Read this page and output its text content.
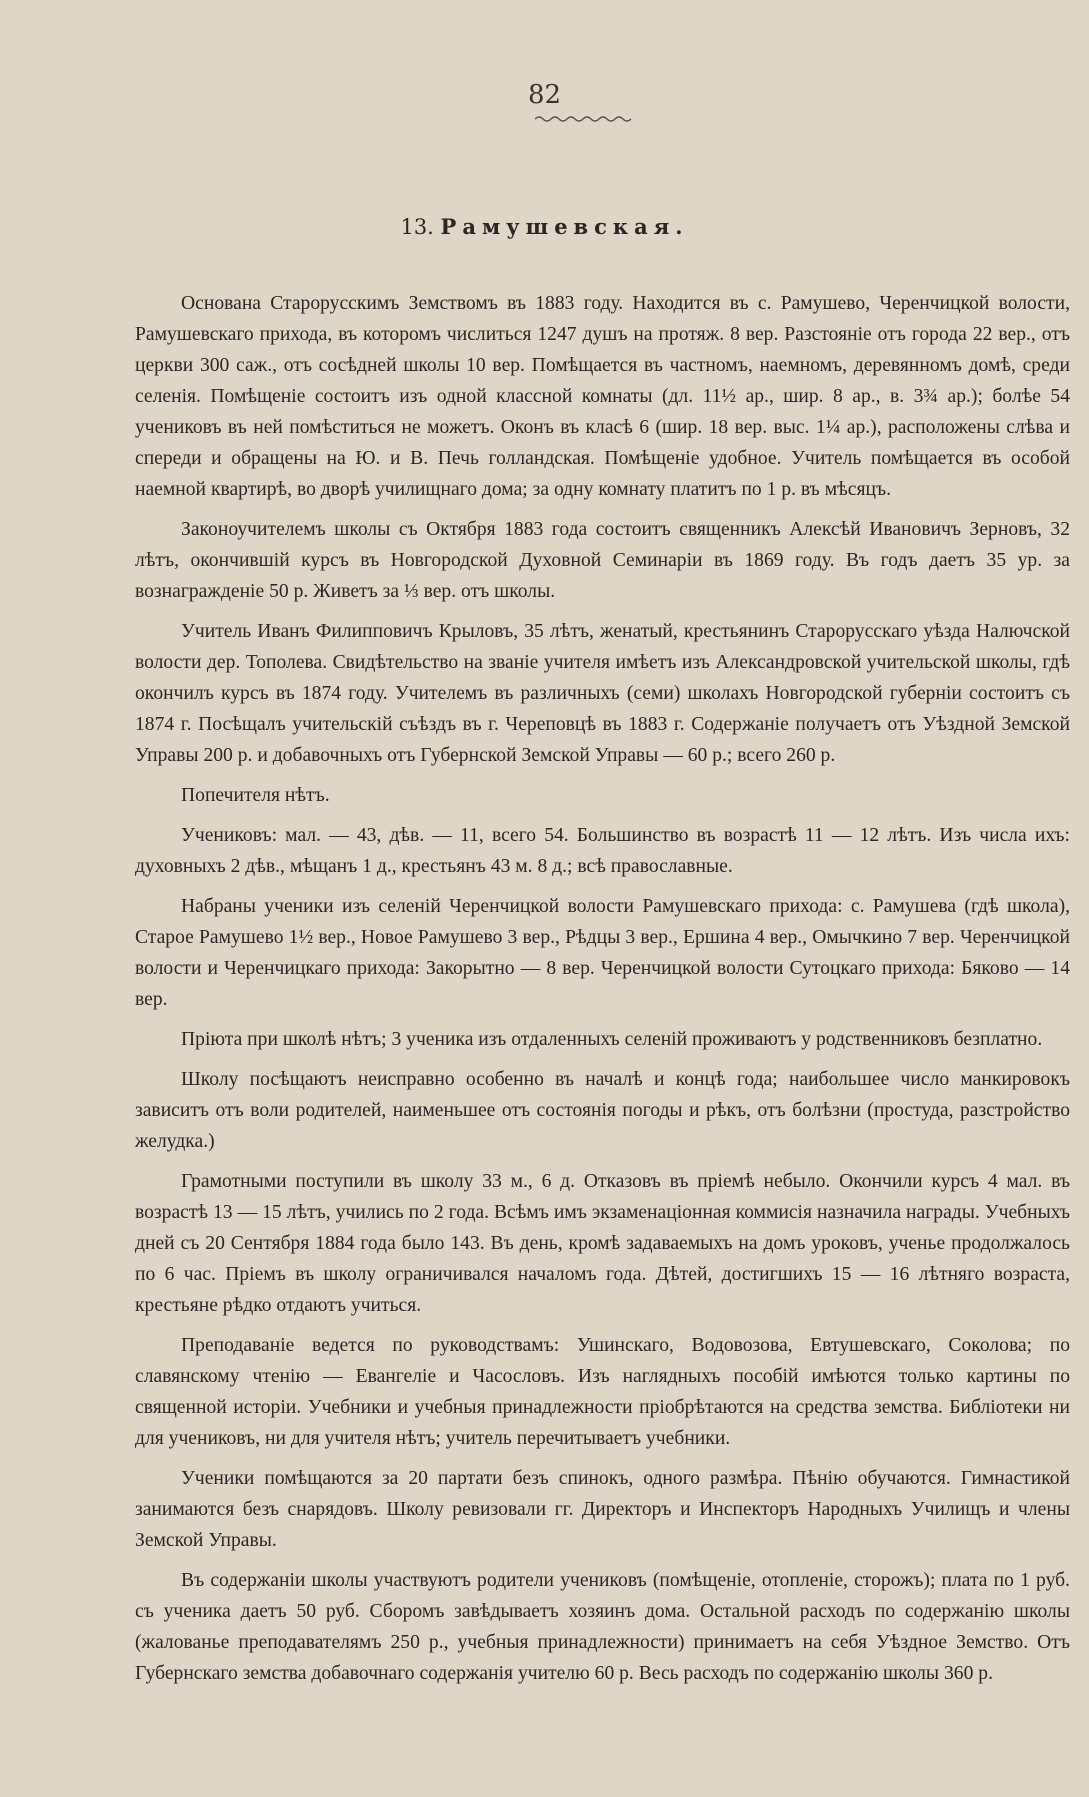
82
13. Рамушевская.

Основана Старорусскимъ Земствомъ въ 1883 году. Находится въ с. Рамушево, Черенчицкой волости, Рамушевскаго прихода, въ которомъ числиться 1247 душъ на протяж. 8 вер. Разстояніе отъ города 22 вер., отъ церкви 300 саж., отъ сосѣдней школы 10 вер. Помѣщается въ частномъ, наемномъ, деревянномъ домѣ, среди селенія. Помѣщеніе состоитъ изъ одной классной комнаты (дл. 11½ ар., шир. 8 ар., в. 3¾ ар.); болѣе 54 учениковъ въ ней помѣститься не можетъ. Оконъ въ класѣ 6 (шир. 18 вер. выс. 1¼ ар.), расположены слѣва и спереди и обращены на Ю. и В. Печь голландская. Помѣщеніе удобное. Учитель помѣщается въ особой наемной квартирѣ, во дворѣ училищнаго дома; за одну комнату платитъ по 1 р. въ мѣсяцъ.

Законоучителемъ школы съ Октября 1883 года состоитъ священникъ Алексѣй Ивановичъ Зерновъ, 32 лѣтъ, окончившій курсъ въ Новгородской Духовной Семинаріи въ 1869 году. Въ годъ даетъ 35 ур. за вознагражденіе 50 р. Живетъ за ⅓ вер. отъ школы.

Учитель Иванъ Филипповичъ Крыловъ, 35 лѣтъ, женатый, крестьянинъ Старорусскаго уѣзда Налючской волости дер. Тополева. Свидѣтельство на званіе учителя имѣетъ изъ Александровской учительской школы, гдѣ окончилъ курсъ въ 1874 году. Учителемъ въ различныхъ (семи) школахъ Новгородской губерніи состоитъ съ 1874 г. Посѣщалъ учительскій съѣздъ въ г. Череповцѣ въ 1883 г. Содержаніе получаетъ отъ Уѣздной Земской Управы 200 р. и добавочныхъ отъ Губернской Земской Управы — 60 р.; всего 260 р.

Попечителя нѣтъ.

Учениковъ: мал. — 43, дѣв. — 11, всего 54. Большинство въ возрастѣ 11 — 12 лѣтъ. Изъ числа ихъ: духовныхъ 2 дѣв., мѣщанъ 1 д., крестьянъ 43 м. 8 д.; всѣ православные.

Набраны ученики изъ селеній Черенчицкой волости Рамушевскаго прихода: с. Рамушева (гдѣ школа), Старое Рамушево 1½ вер., Новое Рамушево 3 вер., Рѣдцы 3 вер., Ершина 4 вер., Омычкино 7 вер. Черенчицкой волости и Черенчицкаго прихода: Закорытно — 8 вер. Черенчицкой волости Сутоцкаго прихода: Бяково — 14 вер.

Пріюта при школѣ нѣтъ; 3 ученика изъ отдаленныхъ селеній проживаютъ у родственниковъ безплатно.

Школу посѣщаютъ неисправно особенно въ началѣ и концѣ года; наибольшее число манкировокъ зависитъ отъ воли родителей, наименьшее отъ состоянія погоды и рѣкъ, отъ болѣзни (простуда, разстройство желудка.)

Грамотными поступили въ школу 33 м., 6 д. Отказовъ въ пріемѣ небыло. Окончили курсъ 4 мал. въ возрастѣ 13 — 15 лѣтъ, учились по 2 года. Всѣмъ имъ экзаменаціонная коммисія назначила награды. Учебныхъ дней съ 20 Сентября 1884 года было 143. Въ день, кромѣ задаваемыхъ на домъ уроковъ, ученье продолжалось по 6 час. Пріемъ въ школу ограничивался началомъ года. Дѣтей, достигшихъ 15 — 16 лѣтняго возраста, крестьяне рѣдко отдаютъ учиться.

Преподаваніе ведется по руководствамъ: Ушинскаго, Водовозова, Евтушевскаго, Соколова; по славянскому чтенію — Евангеліе и Часословъ. Изъ наглядныхъ пособій имѣются только картины по священной исторіи. Учебники и учебныя принадлежности пріобрѣтаются на средства земства. Библіотеки ни для учениковъ, ни для учителя нѣтъ; учитель перечитываетъ учебники.

Ученики помѣщаются за 20 партати безъ спинокъ, одного размѣра. Пѣнію обучаются. Гимнастикой занимаются безъ снарядовъ. Школу ревизовали гг. Директоръ и Инспекторъ Народныхъ Училищъ и члены Земской Управы.

Въ содержаніи школы участвуютъ родители учениковъ (помѣщеніе, отопленіе, сторожъ); плата по 1 руб. съ ученика даетъ 50 руб. Сборомъ завѣдываетъ хозяинъ дома. Остальной расходъ по содержанію школы (жалованье преподавателямъ 250 р., учебныя принадлежности) принимаетъ на себя Уѣздное Земство. Отъ Губернскаго земства добавочнаго содержанія учителю 60 р. Весь расходъ по содержанію школы 360 р.
